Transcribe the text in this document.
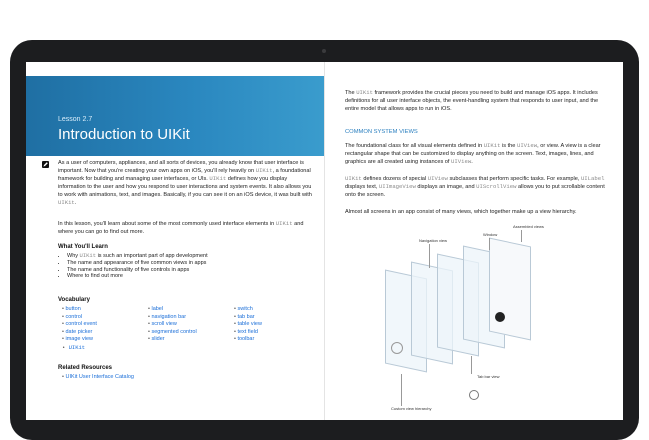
Lesson 2.7
Introduction to UIKit
As a user of computers, appliances, and all sorts of devices, you already know that user interface is important. Now that you're creating your own apps on iOS, you'll rely heavily on UIKit, a foundational framework for building and managing user interfaces, or UIs. UIKit defines how you display information to the user and how you respond to user interactions and system events. It also allows you to work with animations, text, and images. Basically, if you can see it on an iOS device, it was built with UIKit.
In this lesson, you'll learn about some of the most commonly used interface elements in UIKit and where you can go to find out more.
What You'll Learn
• Why UIKit is such an important part of app development
• The name and appearance of five common views in apps
• The name and functionality of five controls in apps
• Where to find out more
Vocabulary
• button
• control
• control event
• date picker
• image view
• UIKit
• label
• navigation bar
• scroll view
• segmented control
• slider
• switch
• tab bar
• table view
• text field
• toolbar
Related Resources
• UIKit User Interface Catalog
The UIKit framework provides the crucial pieces you need to build and manage iOS apps. It includes definitions for all user interface objects, the event-handling system that responds to user input, and the entire model that allows apps to run in iOS.
COMMON SYSTEM VIEWS
The foundational class for all visual elements defined in UIKit is the UIView, or view. A view is a clear rectangular shape that can be customized to display anything on the screen. Text, images, lines, and graphics are all created using instances of UIView.
UIKit defines dozens of special UIView subclasses that perform specific tasks. For example, UILabel displays text, UIImageView displays an image, and UIScrollView allows you to put scrollable content onto the screen.
Almost all screens in an app consist of many views, which together make up a view hierarchy.
Navigation view
Window
Assembled views
Tab bar view
Custom view hierarchy
